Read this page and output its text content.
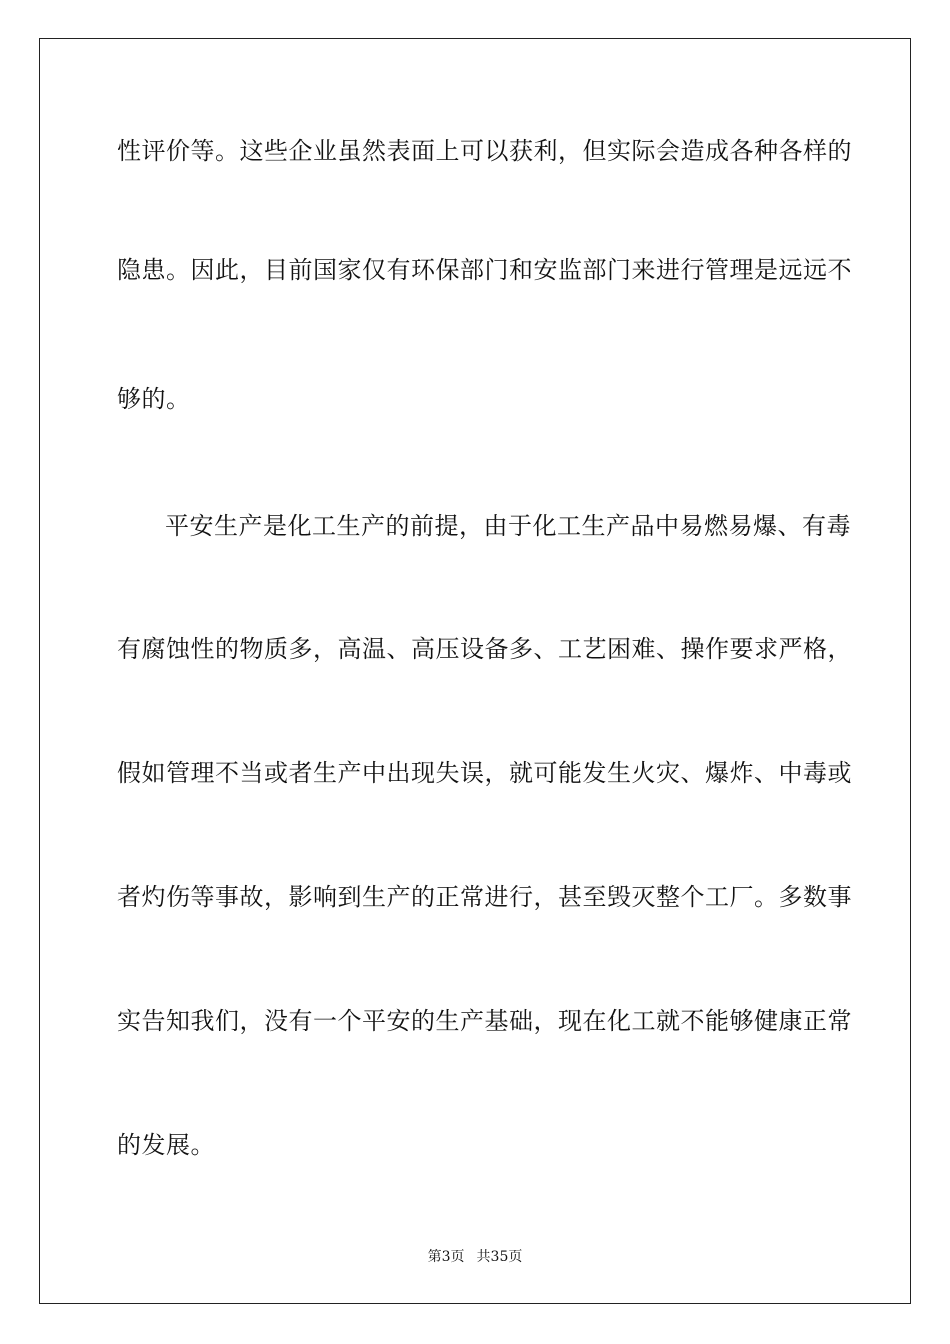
性评价等。这些企业虽然表面上可以获利，但实际会造成各种各样的
隐患。因此，目前国家仅有环保部门和安监部门来进行管理是远远不
够的。
平安生产是化工生产的前提，由于化工生产品中易燃易爆、有毒
有腐蚀性的物质多，高温、高压设备多、工艺困难、操作要求严格，
假如管理不当或者生产中出现失误，就可能发生火灾、爆炸、中毒或
者灼伤等事故，影响到生产的正常进行，甚至毁灭整个工厂。多数事
实告知我们，没有一个平安的生产基础，现在化工就不能够健康正常
的发展。
第3页 共35页
